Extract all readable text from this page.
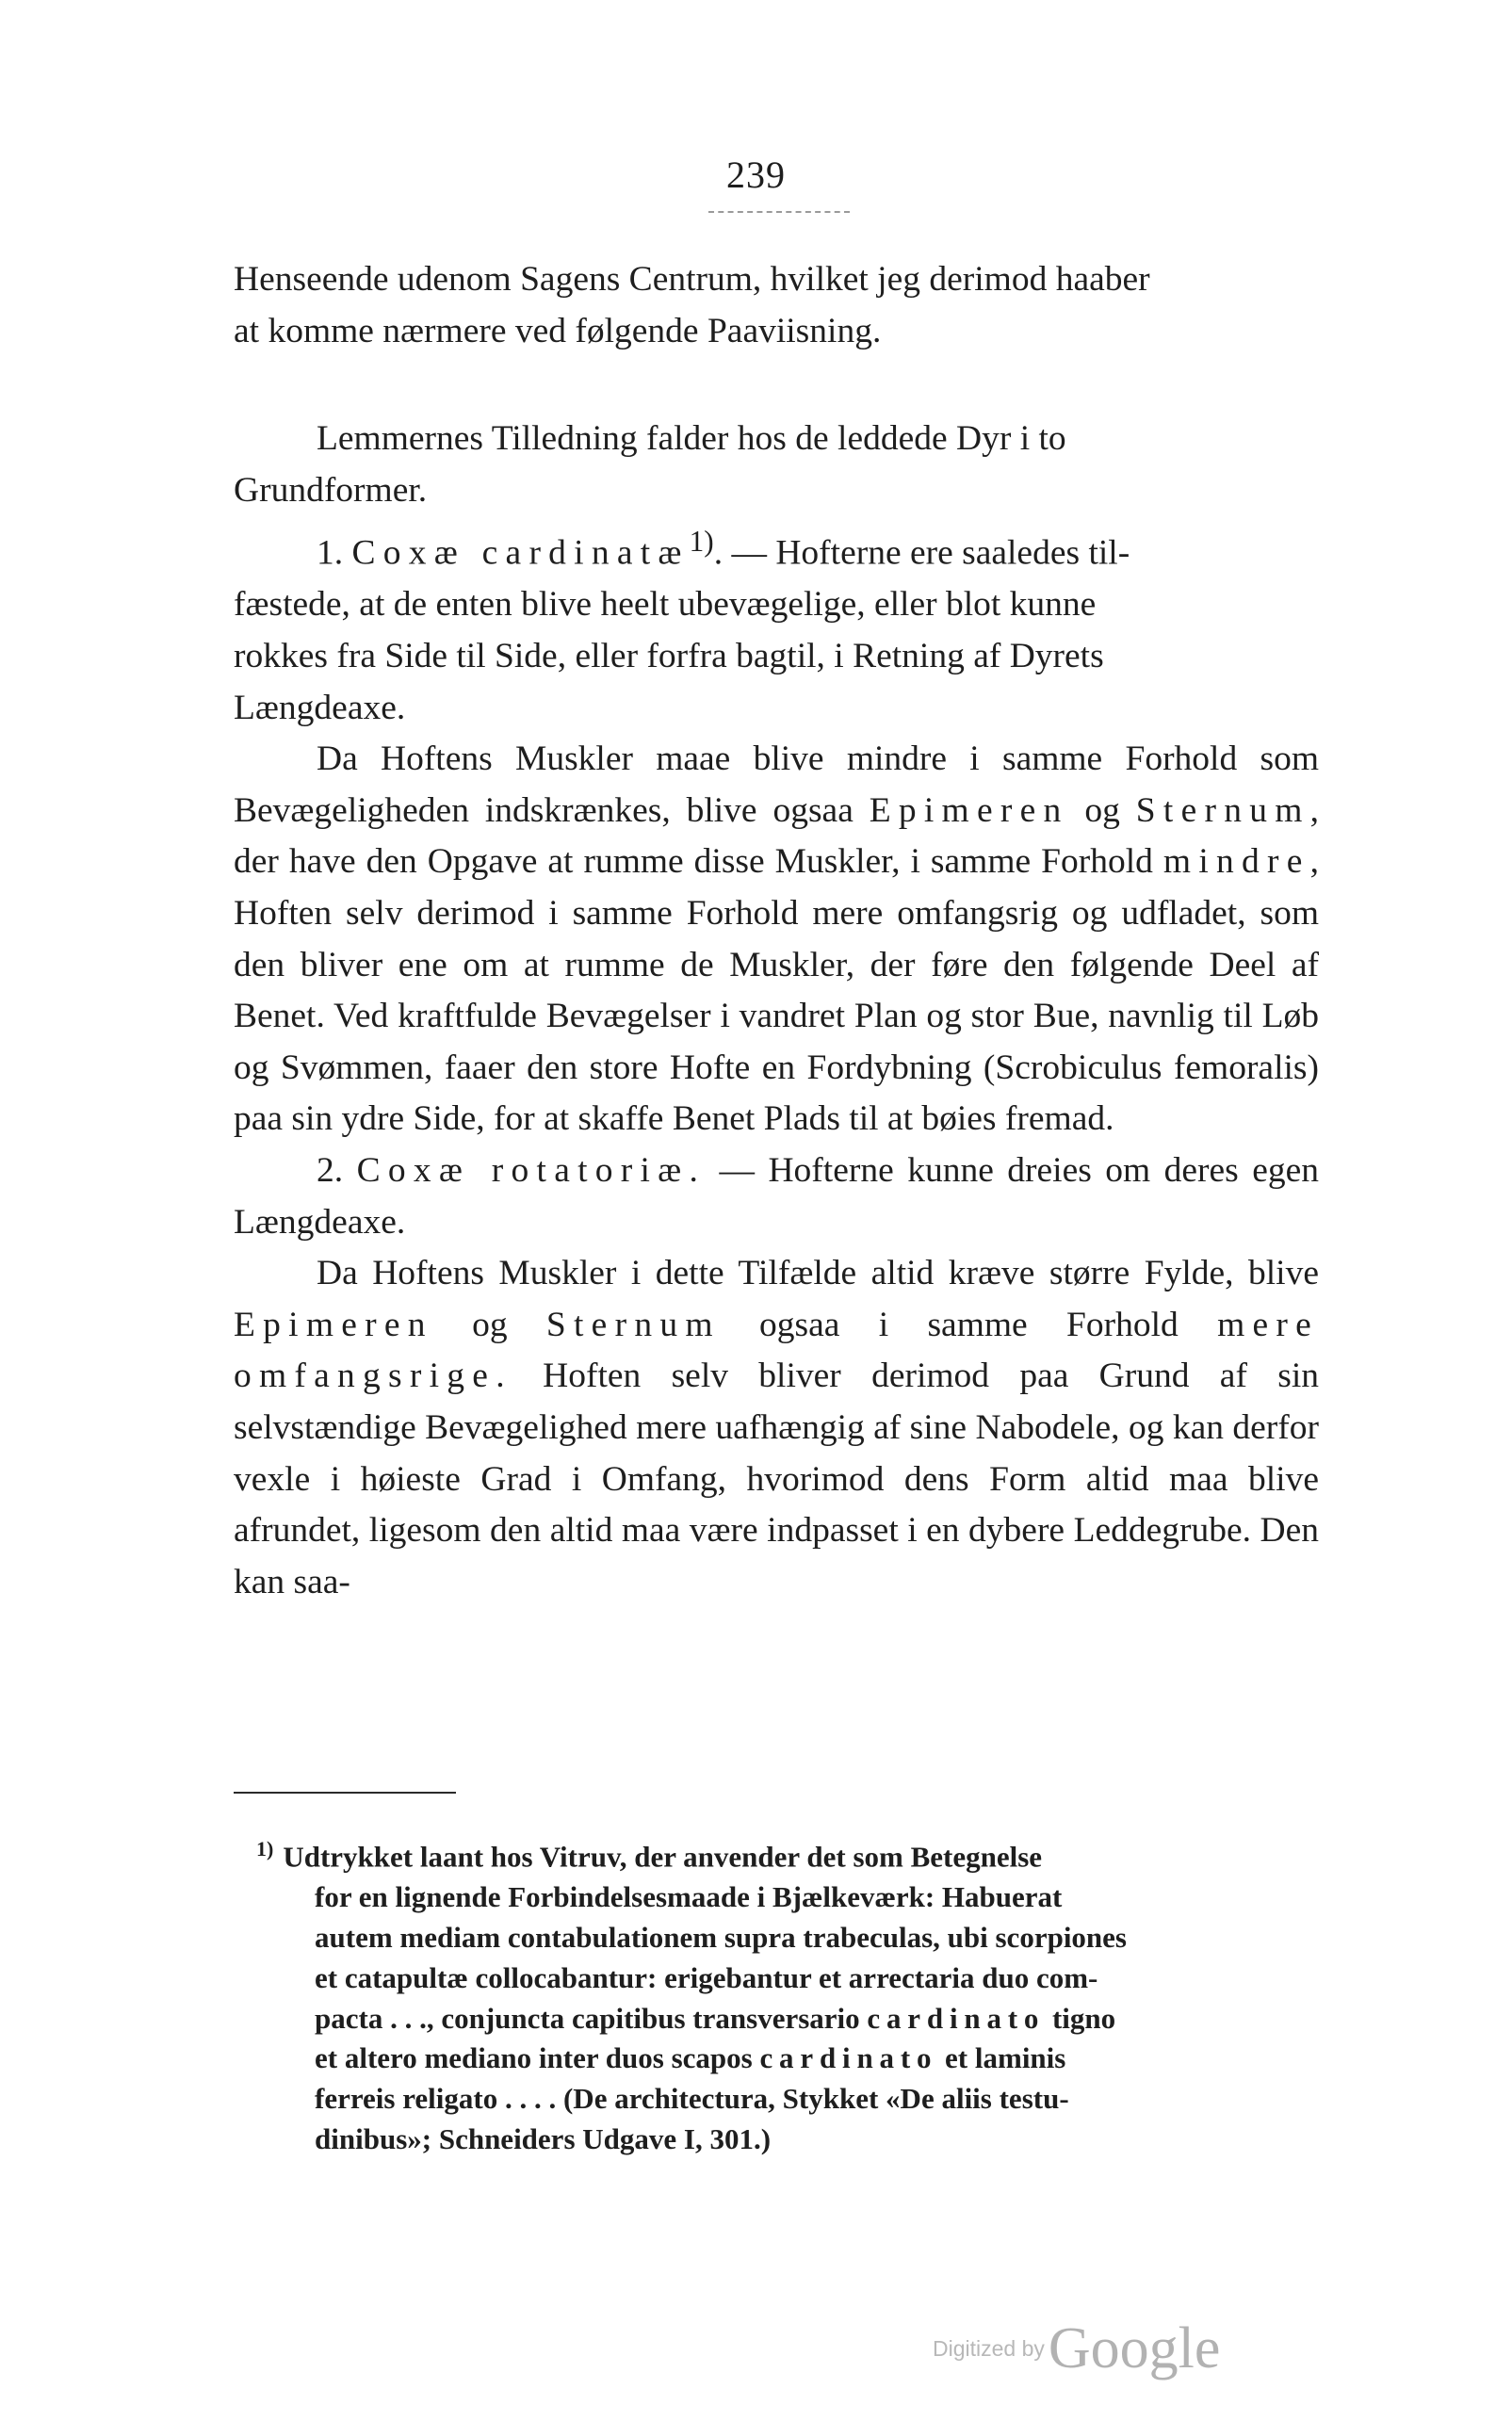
239

Henseende udenom Sagens Centrum, hvilket jeg derimod haaber
at komme nærmere ved følgende Paaviisning.

Lemmernes Tilledning falder hos de leddede Dyr i to
Grundformer.

1. Coxæ cardinatæ$^{1)}$. — Hofterne ere saaledes til-
fæstede, at de enten blive heelt ubevægelige, eller blot kunne
rokkes fra Side til Side, eller forfra bagtil, i Retning af Dyrets
Længdeaxe.

Da Hoftens Muskler maae blive mindre i samme Forhold som Bevægeligheden indskrænkes, blive ogsaa Epimeren og Sternum, der have den Opgave at rumme disse Muskler, i samme Forhold mindre, Hoften selv derimod i samme Forhold mere omfangsrig og udfladet, som den bliver ene om at rumme de Muskler, der føre den følgende Deel af Benet. Ved kraftfulde Bevægelser i vandret Plan og stor Bue, navnlig til Løb og Svømmen, faaer den store Hofte en Fordybning (Scrobiculus femoralis) paa sin ydre Side, for at skaffe Benet Plads til at bøies fremad.

2. Coxæ rotatoriæ. — Hofterne kunne dreies om deres egen Længdeaxe.

Da Hoftens Muskler i dette Tilfælde altid kræve større Fylde, blive Epimeren og Sternum ogsaa i samme Forhold mere omfangsrige. Hoften selv bliver derimod paa Grund af sin selvstændige Bevægelighed mere uafhængig af sine Nabodele, og kan derfor vexle i høieste Grad i Omfang, hvorimod dens Form altid maa blive afrundet, ligesom den altid maa være indpasset i en dybere Leddegrube. Den kan saa-

$^{1)}$ Udtrykket laant hos Vitruv, der anvender det som Betegnelse
for en lignende Forbindelsesmaade i Bjælkeværk: Habuerat
autem mediam contabulationem supra trabeculas, ubi scorpiones
et catapultæ collocabantur: erigebantur et arrectaria duo com-
pacta . . ., conjuncta capitibus transversario cardinato tigno
et altero mediano inter duos scapos cardinato et laminis
ferreis religato . . . . (De architectura, Stykket «De aliis testu-
dinibus»; Schneiders Udgave I, 301.)

Digitized byGoogle
